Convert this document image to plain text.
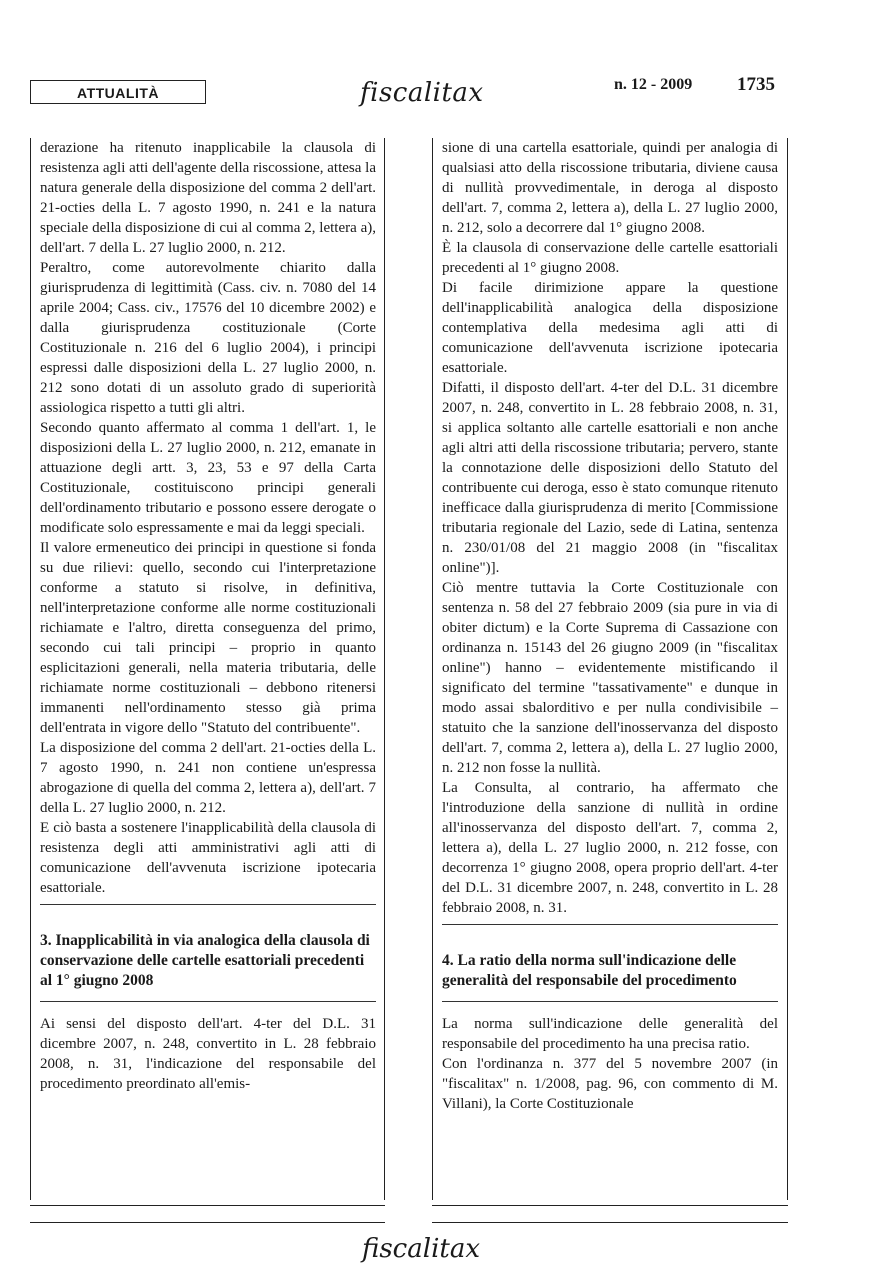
ATTUALITÀ	fiscalitax	n. 12 - 2009 1735

derazione ha ritenuto inapplicabile la clausola di resistenza agli atti dell'agente della riscossione, attesa la natura generale della disposizione del comma 2 dell'art. 21-octies della L. 7 agosto 1990, n. 241 e la natura speciale della disposizione di cui al comma 2, lettera a), dell'art. 7 della L. 27 luglio 2000, n. 212.

Peraltro, come autorevolmente chiarito dalla giurisprudenza di legittimità (Cass. civ. n. 7080 del 14 aprile 2004; Cass. civ., 17576 del 10 dicembre 2002) e dalla giurisprudenza costituzionale (Corte Costituzionale n. 216 del 6 luglio 2004), i principi espressi dalle disposizioni della L. 27 luglio 2000, n. 212 sono dotati di un assoluto grado di superiorità assiologica rispetto a tutti gli altri.

Secondo quanto affermato al comma 1 dell'art. 1, le disposizioni della L. 27 luglio 2000, n. 212, emanate in attuazione degli artt. 3, 23, 53 e 97 della Carta Costituzionale, costituiscono principi generali dell'ordinamento tributario e possono essere derogate o modificate solo espressamente e mai da leggi speciali.

Il valore ermeneutico dei principi in questione si fonda su due rilievi: quello, secondo cui l'interpretazione conforme a statuto si risolve, in definitiva, nell'interpretazione conforme alle norme costituzionali richiamate e l'altro, diretta conseguenza del primo, secondo cui tali principi – proprio in quanto esplicitazioni generali, nella materia tributaria, delle richiamate norme costituzionali – debbono ritenersi immanenti nell'ordinamento stesso già prima dell'entrata in vigore dello "Statuto del contribuente".

La disposizione del comma 2 dell'art. 21-octies della L. 7 agosto 1990, n. 241 non contiene un'espressa abrogazione di quella del comma 2, lettera a), dell'art. 7 della L. 27 luglio 2000, n. 212.

E ciò basta a sostenere l'inapplicabilità della clausola di resistenza degli atti amministrativi agli atti di comunicazione dell'avvenuta iscrizione ipotecaria esattoriale.

3. Inapplicabilità in via analogica della clausola di conservazione delle cartelle esattoriali precedenti al 1° giugno 2008

Ai sensi del disposto dell'art. 4-ter del D.L. 31 dicembre 2007, n. 248, convertito in L. 28 febbraio 2008, n. 31, l'indicazione del responsabile del procedimento preordinato all'emis-

sione di una cartella esattoriale, quindi per analogia di qualsiasi atto della riscossione tributaria, diviene causa di nullità provvedimentale, in deroga al disposto dell'art. 7, comma 2, lettera a), della L. 27 luglio 2000, n. 212, solo a decorrere dal 1° giugno 2008.

È la clausola di conservazione delle cartelle esattoriali precedenti al 1° giugno 2008.

Di facile dirimizione appare la questione dell'inapplicabilità analogica della disposizione contemplativa della medesima agli atti di comunicazione dell'avvenuta iscrizione ipotecaria esattoriale.

Difatti, il disposto dell'art. 4-ter del D.L. 31 dicembre 2007, n. 248, convertito in L. 28 febbraio 2008, n. 31, si applica soltanto alle cartelle esattoriali e non anche agli altri atti della riscossione tributaria; pervero, stante la connotazione delle disposizioni dello Statuto del contribuente cui deroga, esso è stato comunque ritenuto inefficace dalla giurisprudenza di merito [Commissione tributaria regionale del Lazio, sede di Latina, sentenza n. 230/01/08 del 21 maggio 2008 (in "fiscalitax online")].

Ciò mentre tuttavia la Corte Costituzionale con sentenza n. 58 del 27 febbraio 2009 (sia pure in via di obiter dictum) e la Corte Suprema di Cassazione con ordinanza n. 15143 del 26 giugno 2009 (in "fiscalitax online") hanno – evidentemente mistificando il significato del termine "tassativamente" e dunque in modo assai sbalorditivo e per nulla condivisibile – statuito che la sanzione dell'inosservanza del disposto dell'art. 7, comma 2, lettera a), della L. 27 luglio 2000, n. 212 non fosse la nullità.

La Consulta, al contrario, ha affermato che l'introduzione della sanzione di nullità in ordine all'inosservanza del disposto dell'art. 7, comma 2, lettera a), della L. 27 luglio 2000, n. 212 fosse, con decorrenza 1° giugno 2008, opera proprio dell'art. 4-ter del D.L. 31 dicembre 2007, n. 248, convertito in L. 28 febbraio 2008, n. 31.

4. La ratio della norma sull'indicazione delle generalità del responsabile del procedimento

La norma sull'indicazione delle generalità del responsabile del procedimento ha una precisa ratio.

Con l'ordinanza n. 377 del 5 novembre 2007 (in "fiscalitax" n. 1/2008, pag. 96, con commento di M. Villani), la Corte Costituzionale

fiscalitax
